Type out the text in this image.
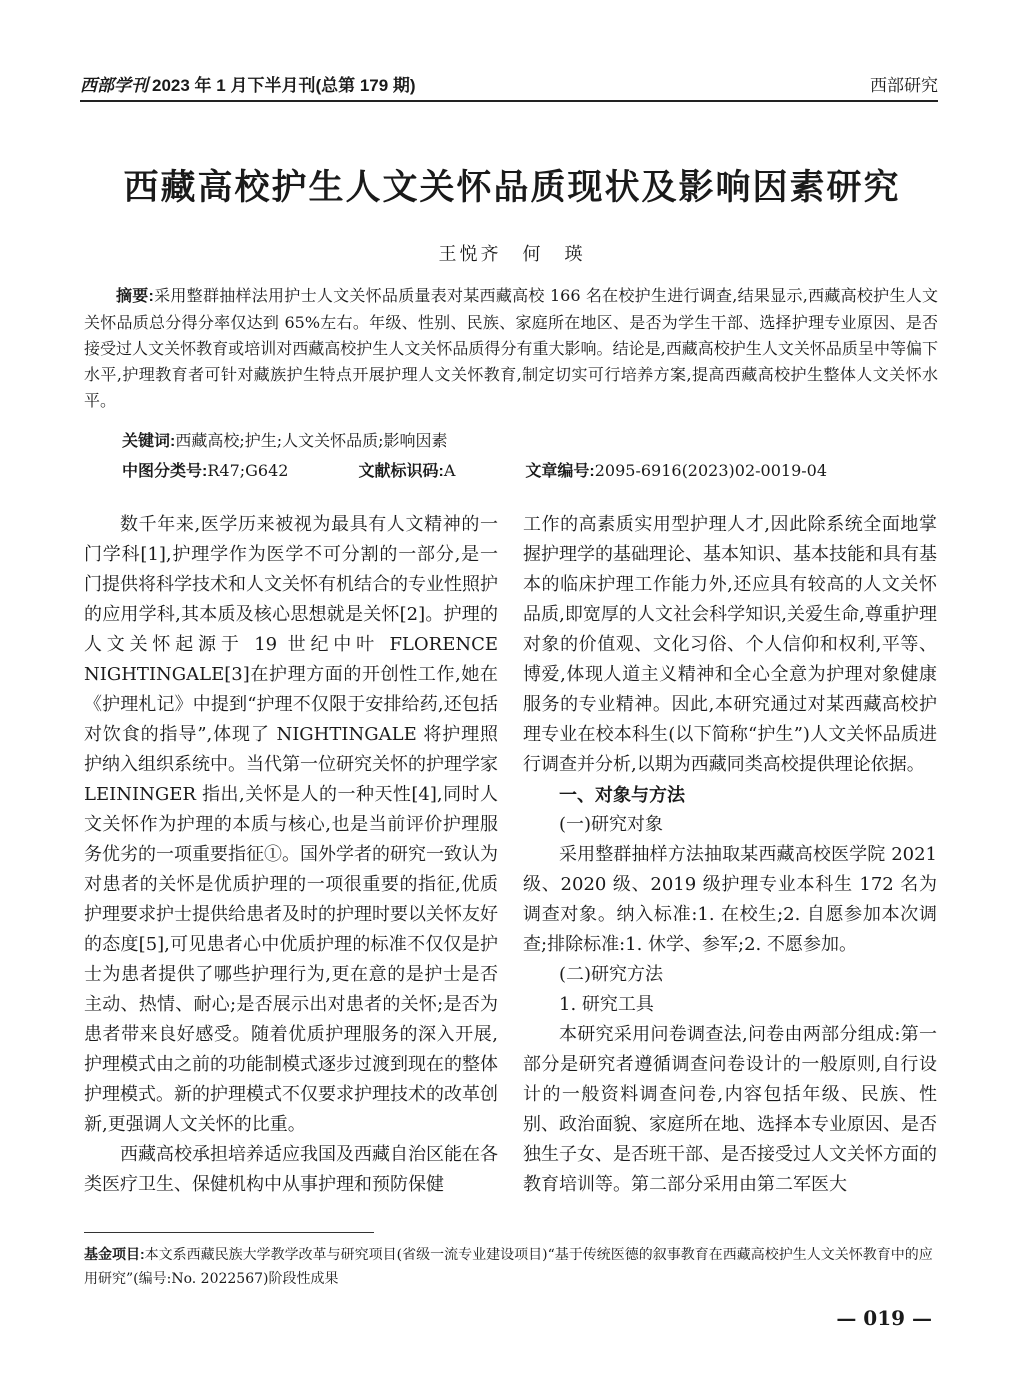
西部学刊 2023 年 1 月下半月刊(总第 179 期)	西部研究
西藏高校护生人文关怀品质现状及影响因素研究
王悦齐　何　瑛

摘要:采用整群抽样法用护士人文关怀品质量表对某西藏高校 166 名在校护生进行调查,结果显示,西藏高校护生人文关怀品质总分得分率仅达到 65%左右。年级、性别、民族、家庭所在地区、是否为学生干部、选择护理专业原因、是否接受过人文关怀教育或培训对西藏高校护生人文关怀品质得分有重大影响。结论是,西藏高校护生人文关怀品质呈中等偏下水平,护理教育者可针对藏族护生特点开展护理人文关怀教育,制定切实可行培养方案,提高西藏高校护生整体人文关怀水平。

关键词:西藏高校;护生;人文关怀品质;影响因素
中图分类号:R47;G642	文献标识码:A	文章编号:2095-6916(2023)02-0019-04

数千年来,医学历来被视为最具有人文精神的一门学科[1],护理学作为医学不可分割的一部分,是一门提供将科学技术和人文关怀有机结合的专业性照护的应用学科,其本质及核心思想就是关怀[2]。护理的人文关怀起源于 19 世纪中叶 FLORENCE NIGHTINGALE[3]在护理方面的开创性工作,她在《护理札记》中提到“护理不仅限于安排给药,还包括对饮食的指导”,体现了 NIGHTINGALE 将护理照护纳入组织系统中。当代第一位研究关怀的护理学家 LEININGER 指出,关怀是人的一种天性[4],同时人文关怀作为护理的本质与核心,也是当前评价护理服务优劣的一项重要指征①。国外学者的研究一致认为对患者的关怀是优质护理的一项很重要的指征,优质护理要求护士提供给患者及时的护理时要以关怀友好的态度[5],可见患者心中优质护理的标准不仅仅是护士为患者提供了哪些护理行为,更在意的是护士是否主动、热情、耐心;是否展示出对患者的关怀;是否为患者带来良好感受。随着优质护理服务的深入开展,护理模式由之前的功能制模式逐步过渡到现在的整体护理模式。新的护理模式不仅要求护理技术的改革创新,更强调人文关怀的比重。

西藏高校承担培养适应我国及西藏自治区能在各类医疗卫生、保健机构中从事护理和预防保健

工作的高素质实用型护理人才,因此除系统全面地掌握护理学的基础理论、基本知识、基本技能和具有基本的临床护理工作能力外,还应具有较高的人文关怀品质,即宽厚的人文社会科学知识,关爱生命,尊重护理对象的价值观、文化习俗、个人信仰和权利,平等、博爱,体现人道主义精神和全心全意为护理对象健康服务的专业精神。因此,本研究通过对某西藏高校护理专业在校本科生(以下简称“护生”)人文关怀品质进行调查并分析,以期为西藏同类高校提供理论依据。

一、对象与方法

(一)研究对象

采用整群抽样方法抽取某西藏高校医学院 2021 级、2020 级、2019 级护理专业本科生 172 名为调查对象。纳入标准:1. 在校生;2. 自愿参加本次调查;排除标准:1. 休学、参军;2. 不愿参加。

(二)研究方法

1. 研究工具

本研究采用问卷调查法,问卷由两部分组成:第一部分是研究者遵循调查问卷设计的一般原则,自行设计的一般资料调查问卷,内容包括年级、民族、性别、政治面貌、家庭所在地、选择本专业原因、是否独生子女、是否班干部、是否接受过人文关怀方面的教育培训等。第二部分采用由第二军医大

基金项目:本文系西藏民族大学教学改革与研究项目(省级一流专业建设项目)“基于传统医德的叙事教育在西藏高校护生人文关怀教育中的应用研究”(编号:No. 2022567)阶段性成果
— 019 —
